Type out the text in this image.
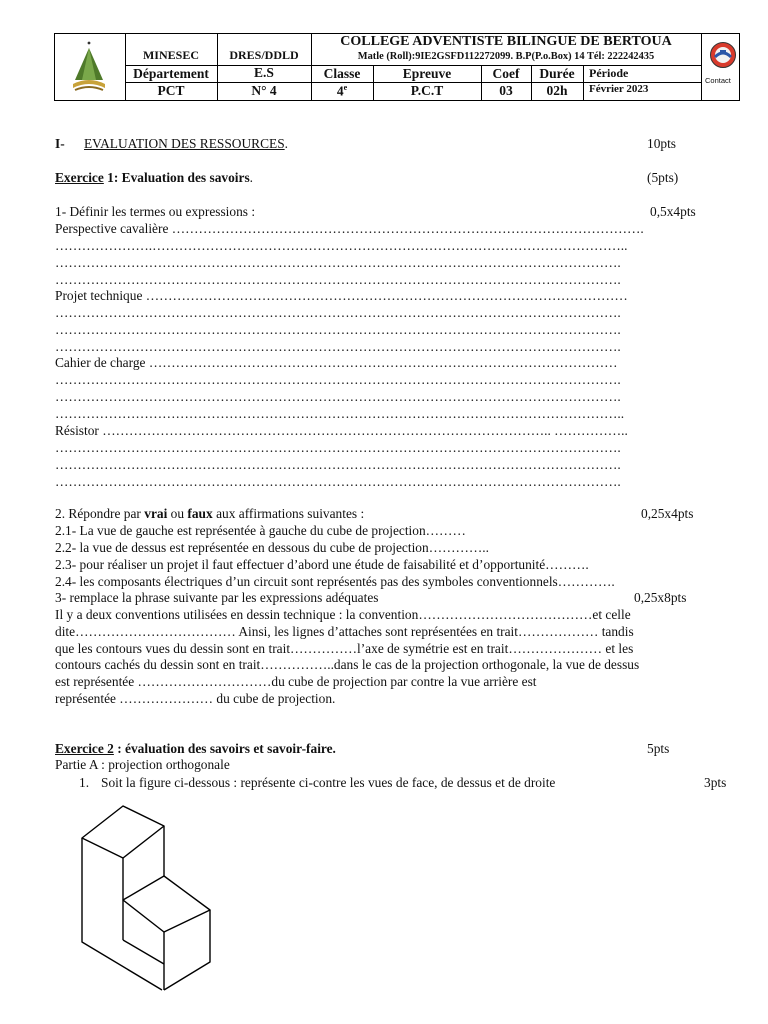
MINESEC	DRES/DDLD
COLLEGE ADVENTISTE BILINGUE DE BERTOUA
Matle (Roll):9IE2GSFD112272099. B.P(P.o.Box) 14 Tél: 222242435
Département	E.S	Classe	Epreuve	Coef	Durée	Période
PCT	N° 4	4e	P.C.T	03	02h	Février 2023
Contact
I- EVALUATION DES RESSOURCES.	10pts
Exercice 1: Evaluation des savoirs.	(5pts)
1- Définir les termes ou expressions :	0,5x4pts
Perspective cavalière …………………………………………………………………………………………….
………………….……………………………………………………………………………………………..
……………………………………………………………………………………………………………….
……………………………………………………………………………………………………………….
Projet technique ………………………………………………………………………………………………
……………………………………………………………………………………………………………….
……………………………………………………………………………………………………………….
……………………………………………………………………………………………………………….
Cahier de charge ……………………………………………………………………………………………
……………………………………………………………………………………………………………….
……………………………………………………………………………………………………………….
………………………………………………………………………………………………………………..
Résistor ……………………………………………………………………………………….. ……………..
……………………………………………………………………………………………………………….
……………………………………………………………………………………………………………….
……………………………………………………………………………………………………………….
2. Répondre par vrai ou faux aux affirmations suivantes :	0,25x4pts
2.1- La vue de gauche est représentée à gauche du cube de projection………
2.2- la vue de dessus est représentée en dessous du cube de projection…………..
2.3- pour réaliser un projet il faut effectuer d’abord une étude de faisabilité et d’opportunité……….
2.4- les composants électriques d’un circuit sont représentés pas des symboles conventionnels………….
3- remplace la phrase suivante par les expressions adéquates	0,25x8pts
Il y a deux conventions utilisées en dessin technique : la convention…………………………………et celle
dite……………………………… Ainsi, les lignes d’attaches sont représentées en trait……………… tandis
que les contours vues du dessin sont en trait……………l’axe de symétrie est en trait………………… et les
contours cachés du dessin sont en trait……………..dans le cas de la projection orthogonale, la vue de dessus
est représentée …………………………du cube de projection par contre la vue arrière est
représentée ………………… du cube de projection.
Exercice 2 : évaluation des savoirs et savoir-faire.	5pts
Partie A : projection orthogonale
1. Soit la figure ci-dessous : représente ci-contre les vues de face, de dessus et de droite	3pts
